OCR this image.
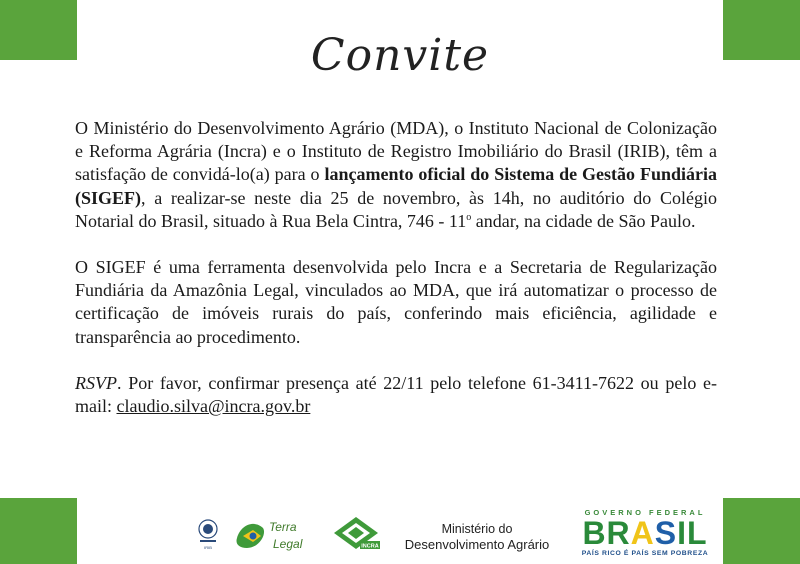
Convite

O Ministério do Desenvolvimento Agrário (MDA), o Instituto Nacional de Colonização e Reforma Agrária (Incra) e o Instituto de Registro Imobiliário do Brasil (IRIB), têm a satisfação de convidá-lo(a) para o lançamento oficial do Sistema de Gestão Fundiária (SIGEF), a realizar-se neste dia 25 de novembro, às 14h, no auditório do Colégio Notarial do Brasil, situado à Rua Bela Cintra, 746 - 11$^o$ andar, na cidade de São Paulo.

O SIGEF é uma ferramenta desenvolvida pelo Incra e a Secretaria de Regularização Fundiária da Amazônia Legal, vinculados ao MDA, que irá automatizar o processo de certificação de imóveis rurais do país, conferindo mais eficiência, agilidade e transparência ao procedimento.

RSVP. Por favor, confirmar presença até 22/11 pelo telefone 61-3411-7622 ou pelo e-mail: claudio.silva@incra.gov.br

IRIB
Terra
Legal	INCRA
Ministério do
Desenvolvimento Agrário
GOVERNO FEDERAL
BRASIL
PAÍS RICO É PAÍS SEM POBREZA
